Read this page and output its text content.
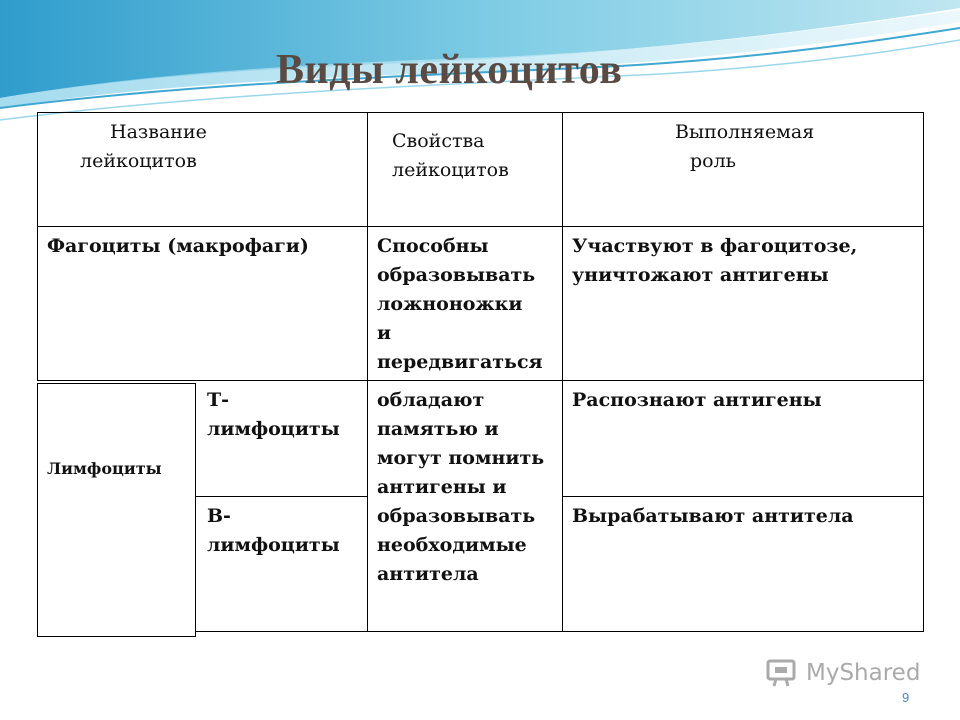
Виды лейкоцитов
Название
лейкоцитов
Свойства
лейкоцитов
Выполняемая
роль
Фагоциты (макрофаги)	Способны
образовывать
ложноножки
и
передвигаться
Участвуют в фагоцитозе,
уничтожают антигены
Лимфоциты
Т-
лимфоциты
В-
лимфоциты
обладают
памятью и
могут помнить
антигены и
образовывать
необходимые
антитела
Распознают антигены
Вырабатывают антитела
MyShared
9
